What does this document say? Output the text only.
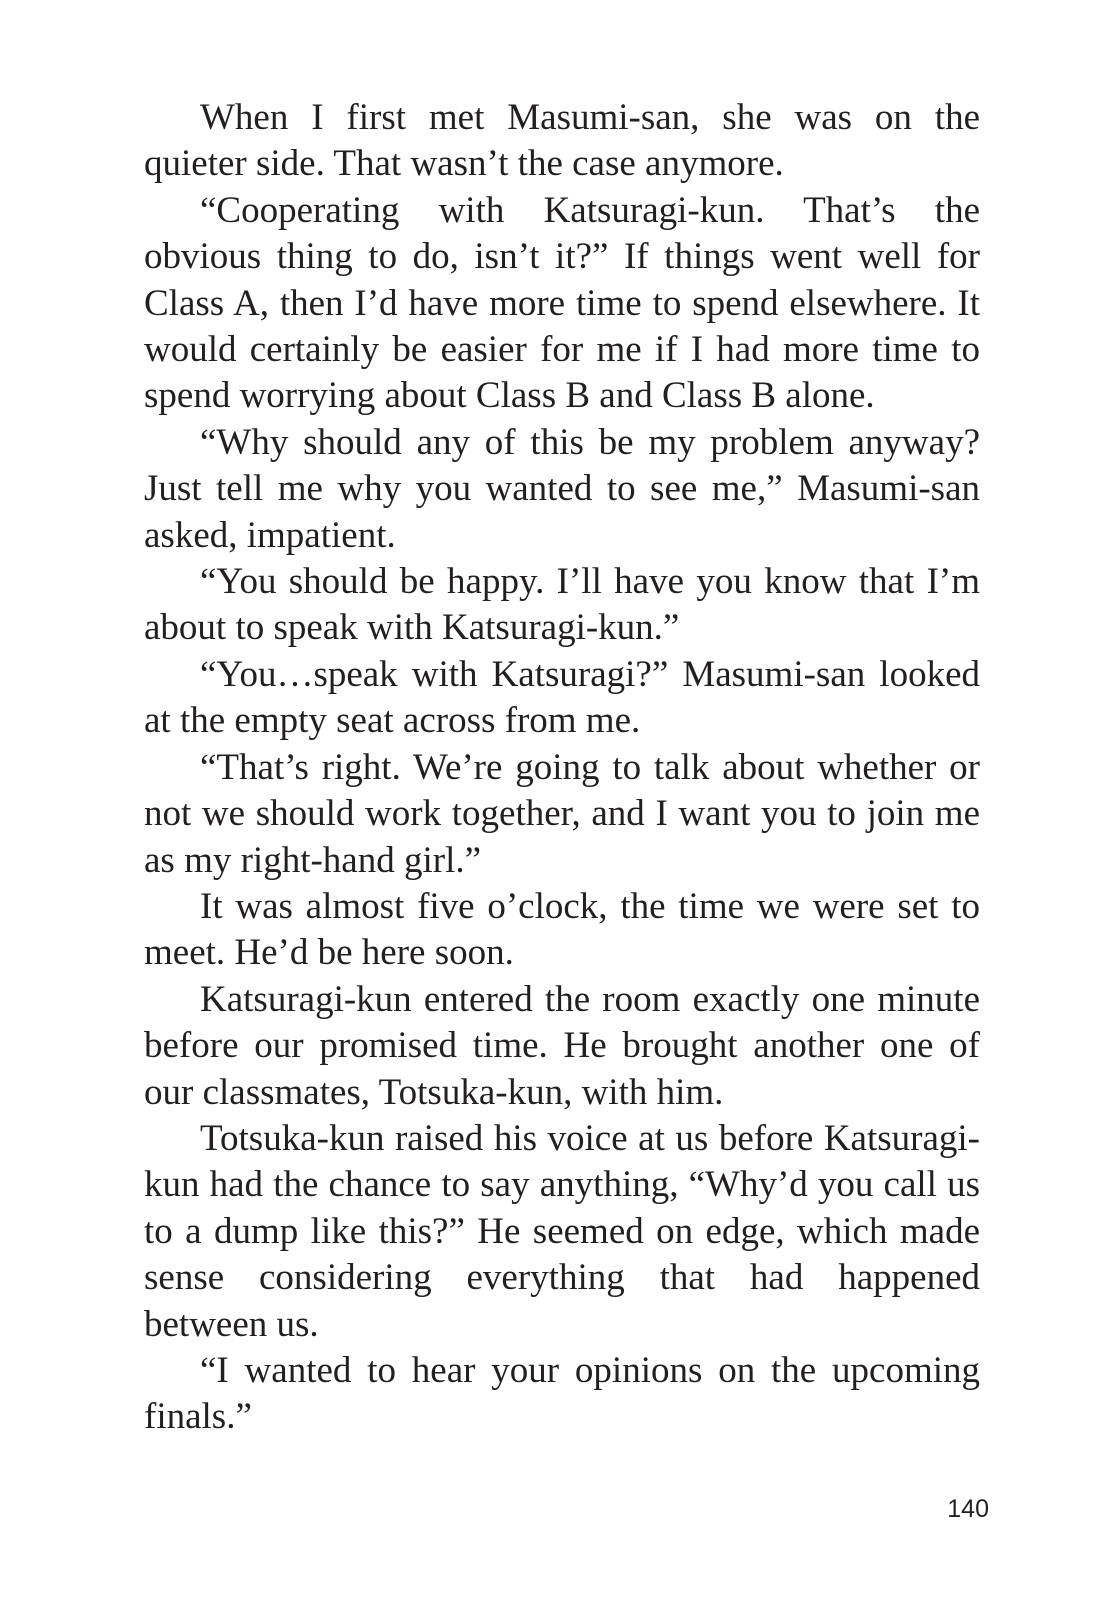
When I first met Masumi-san, she was on the quieter side. That wasn’t the case anymore.

“Cooperating with Katsuragi-kun. That’s the obvious thing to do, isn’t it?” If things went well for Class A, then I’d have more time to spend elsewhere. It would certainly be easier for me if I had more time to spend worrying about Class B and Class B alone.

“Why should any of this be my problem anyway? Just tell me why you wanted to see me,” Masumi-san asked, impatient.

“You should be happy. I’ll have you know that I’m about to speak with Katsuragi-kun.”

“You…speak with Katsuragi?” Masumi-san looked at the empty seat across from me.

“That’s right. We’re going to talk about whether or not we should work together, and I want you to join me as my right-hand girl.”

It was almost five o’clock, the time we were set to meet. He’d be here soon.

Katsuragi-kun entered the room exactly one minute before our promised time. He brought another one of our classmates, Totsuka-kun, with him.

Totsuka-kun raised his voice at us before Katsuragi-kun had the chance to say anything, “Why’d you call us to a dump like this?” He seemed on edge, which made sense considering everything that had happened between us.

“I wanted to hear your opinions on the upcoming finals.”

140
